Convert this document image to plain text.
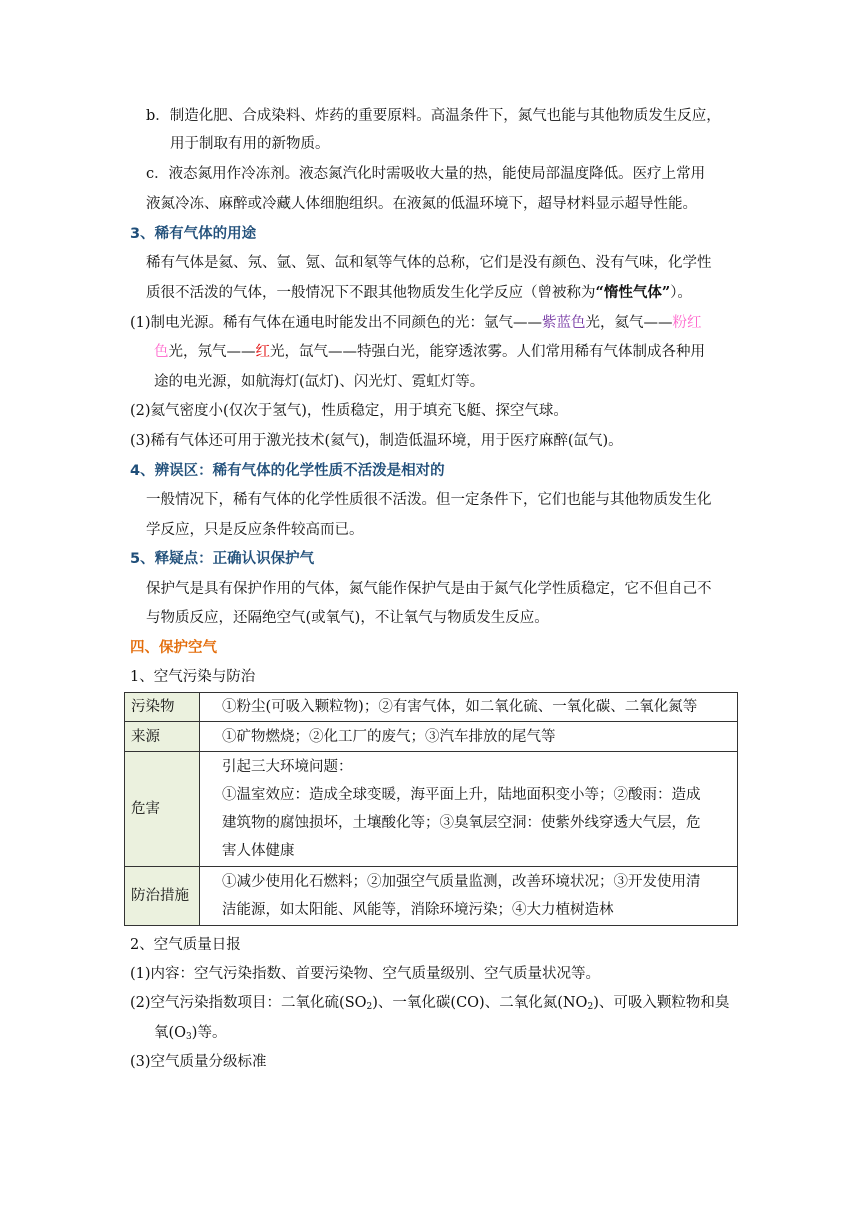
b．制造化肥、合成染料、炸药的重要原料。高温条件下，氮气也能与其他物质发生反应，
用于制取有用的新物质。
c．液态氮用作冷冻剂。液态氮汽化时需吸收大量的热，能使局部温度降低。医疗上常用
液氮冷冻、麻醉或冷藏人体细胞组织。在液氮的低温环境下，超导材料显示超导性能。
3、稀有气体的用途
稀有气体是氦、氖、氩、氪、氙和氡等气体的总称，它们是没有颜色、没有气味，化学性
质很不活泼的气体，一般情况下不跟其他物质发生化学反应（曾被称为“惰性气体”）。
(1)制电光源。稀有气体在通电时能发出不同颜色的光：氩气——紫蓝色光，氦气——粉红
色光，氖气——红光，氙气——特强白光，能穿透浓雾。人们常用稀有气体制成各种用
途的电光源，如航海灯(氙灯)、闪光灯、霓虹灯等。
(2)氦气密度小(仅次于氢气)，性质稳定，用于填充飞艇、探空气球。
(3)稀有气体还可用于激光技术(氦气)，制造低温环境，用于医疗麻醉(氙气)。
4、辨误区：稀有气体的化学性质不活泼是相对的
一般情况下，稀有气体的化学性质很不活泼。但一定条件下，它们也能与其他物质发生化
学反应，只是反应条件较高而已。
5、释疑点：正确认识保护气
保护气是具有保护作用的气体，氮气能作保护气是由于氮气化学性质稳定，它不但自己不
与物质反应，还隔绝空气(或氧气)，不让氧气与物质发生反应。
四、保护空气
1、空气污染与防治
污染物	①粉尘(可吸入颗粒物)；②有害气体，如二氧化硫、一氧化碳、二氧化氮等
来源	①矿物燃烧；②化工厂的废气；③汽车排放的尾气等
危害	引起三大环境问题：
①温室效应：造成全球变暖，海平面上升，陆地面积变小等；②酸雨：造成
建筑物的腐蚀损坏，土壤酸化等；③臭氧层空洞：使紫外线穿透大气层，危
害人体健康

防治措施	①减少使用化石燃料；②加强空气质量监测，改善环境状况；③开发使用清
洁能源，如太阳能、风能等，消除环境污染；④大力植树造林
2、空气质量日报
(1)内容：空气污染指数、首要污染物、空气质量级别、空气质量状况等。
(2)空气污染指数项目：二氧化硫$(SO_2)$、一氧化碳(CO)、二氧化氮$(NO_2)$、可吸入颗粒物和臭
氧$(O_3)$等。
(3)空气质量分级标准
